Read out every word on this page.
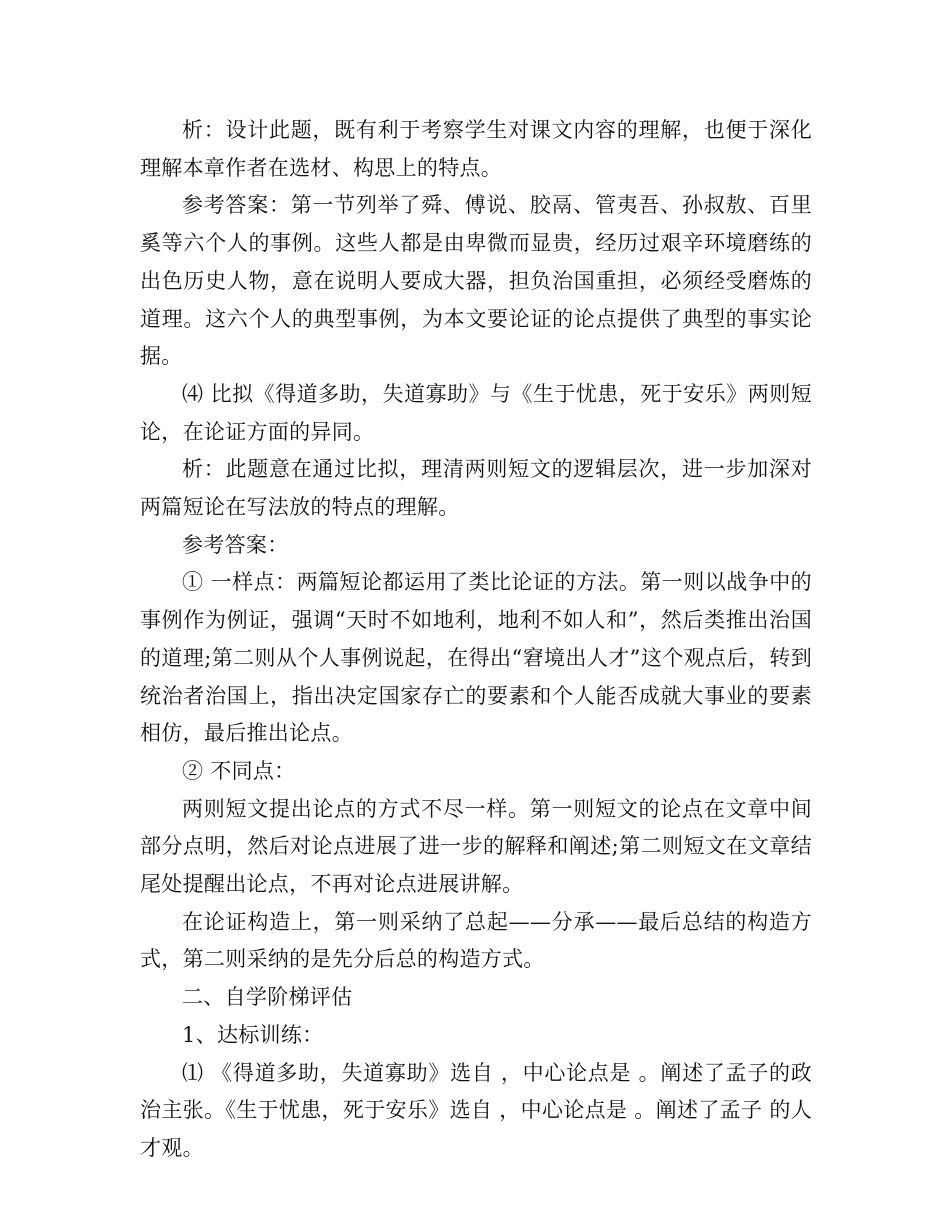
析：设计此题，既有利于考察学生对课文内容的理解，也便于深化理解本章作者在选材、构思上的特点。

参考答案：第一节列举了舜、傅说、胶鬲、管夷吾、孙叔敖、百里奚等六个人的事例。这些人都是由卑微而显贵，经历过艰辛环境磨练的出色历史人物，意在说明人要成大器，担负治国重担，必须经受磨炼的道理。这六个人的典型事例，为本文要论证的论点提供了典型的事实论据。

⑷ 比拟《得道多助，失道寡助》与《生于忧患，死于安乐》两则短论，在论证方面的异同。

析：此题意在通过比拟，理清两则短文的逻辑层次，进一步加深对两篇短论在写法放的特点的理解。

参考答案：

① 一样点：两篇短论都运用了类比论证的方法。第一则以战争中的事例作为例证，强调“天时不如地利，地利不如人和”，然后类推出治国的道理;第二则从个人事例说起，在得出“窘境出人才”这个观点后，转到统治者治国上，指出决定国家存亡的要素和个人能否成就大事业的要素相仿，最后推出论点。

② 不同点：

两则短文提出论点的方式不尽一样。第一则短文的论点在文章中间部分点明，然后对论点进展了进一步的解释和阐述;第二则短文在文章结尾处提醒出论点，不再对论点进展讲解。

在论证构造上，第一则采纳了总起——分承——最后总结的构造方式，第二则采纳的是先分后总的构造方式。

二、自学阶梯评估

1、达标训练：

⑴ 《得道多助，失道寡助》选自 ，中心论点是 。阐述了孟子的政治主张。《生于忧患，死于安乐》选自 ，中心论点是 。阐述了孟子 的人才观。
